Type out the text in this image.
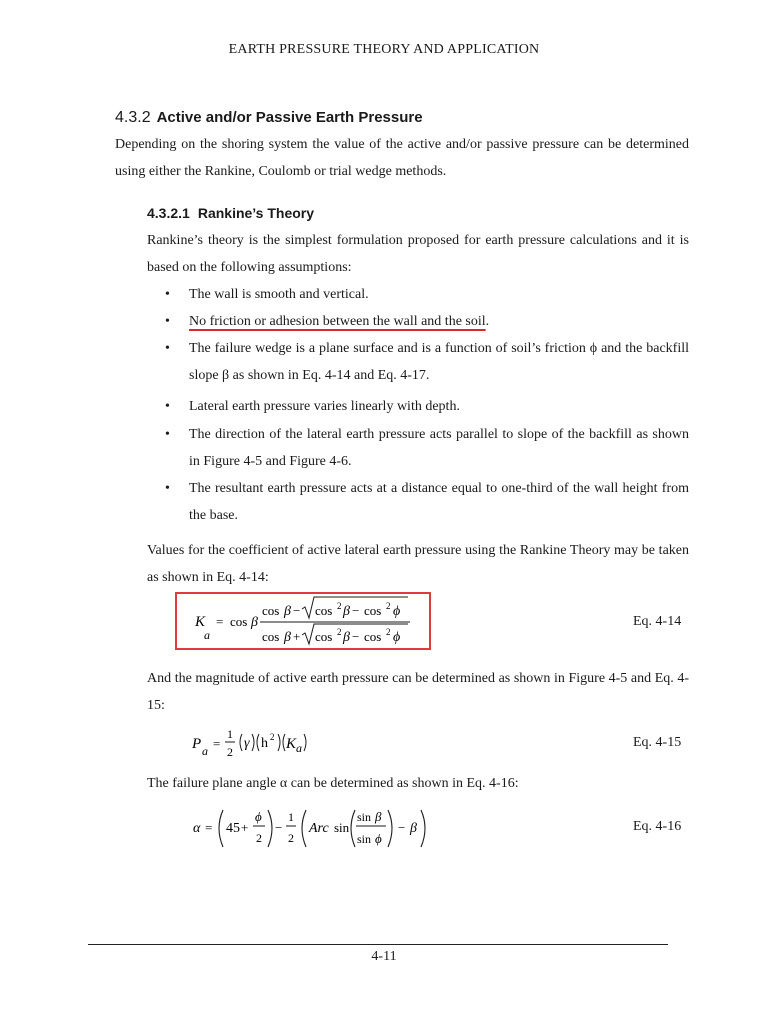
EARTH PRESSURE THEORY AND APPLICATION
4.3.2 Active and/or Passive Earth Pressure
Depending on the shoring system the value of the active and/or passive pressure can be determined using either the Rankine, Coulomb or trial wedge methods.
4.3.2.1 Rankine’s Theory
Rankine’s theory is the simplest formulation proposed for earth pressure calculations and it is based on the following assumptions:
• The wall is smooth and vertical.
• No friction or adhesion between the wall and the soil.
• The failure wedge is a plane surface and is a function of soil’s friction ϕ and the backfill slope β as shown in Eq. 4-14 and Eq. 4-17.
• Lateral earth pressure varies linearly with depth.
• The direction of the lateral earth pressure acts parallel to slope of the backfill as shown in Figure 4-5 and Figure 4-6.
• The resultant earth pressure acts at a distance equal to one-third of the wall height from the base.
Values for the coefficient of active lateral earth pressure using the Rankine Theory may be taken as shown in Eq. 4-14:
K
a
= cos β
cos β − cos 2 β − cos 2 ϕ
cos β + cos 2 β − cos 2 ϕ
Eq. 4-14
And the magnitude of active earth pressure can be determined as shown in Figure 4-5 and Eq. 4-15:
P a =
1
2
γ h 2 K a	Eq. 4-15
The failure plane angle α can be determined as shown in Eq. 4-16:
α = 45 +
ϕ
2
−
1
2
Arc sin
sin β
sin ϕ
− β	Eq. 4-16
4-11
